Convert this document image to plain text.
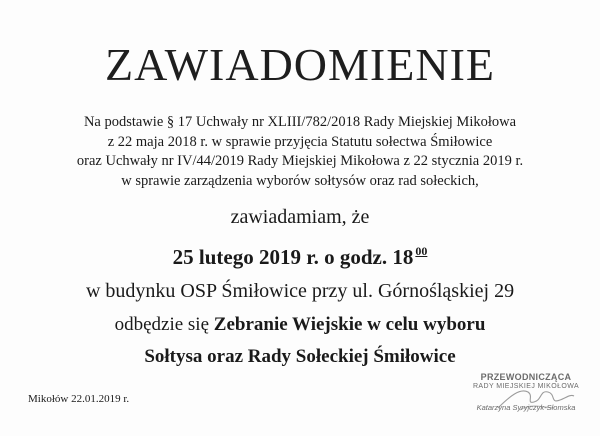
ZAWIADOMIENIE
Na podstawie § 17 Uchwały nr XLIII/782/2018 Rady Miejskiej Mikołowa
z 22 maja 2018 r. w sprawie przyjęcia Statutu sołectwa Śmiłowice
oraz Uchwały nr IV/44/2019 Rady Miejskiej Mikołowa z 22 stycznia 2019 r.
w sprawie zarządzenia wyborów sołtysów oraz rad sołeckich,
zawiadamiam, że
25 lutego 2019 r. o godz. 18 $^{00}$
w budynku OSP Śmiłowice przy ul. Górnośląskiej 29
odbędzie się Zebranie Wiejskie w celu wyboru
Sołtysa oraz Rady Sołeckiej Śmiłowice
Mikołów 22.01.2019 r.
PRZEWODNICZĄCA
RADY MIEJSKIEJ MIKOŁOWA
Katarzyna Syryjczyk-Słomska
